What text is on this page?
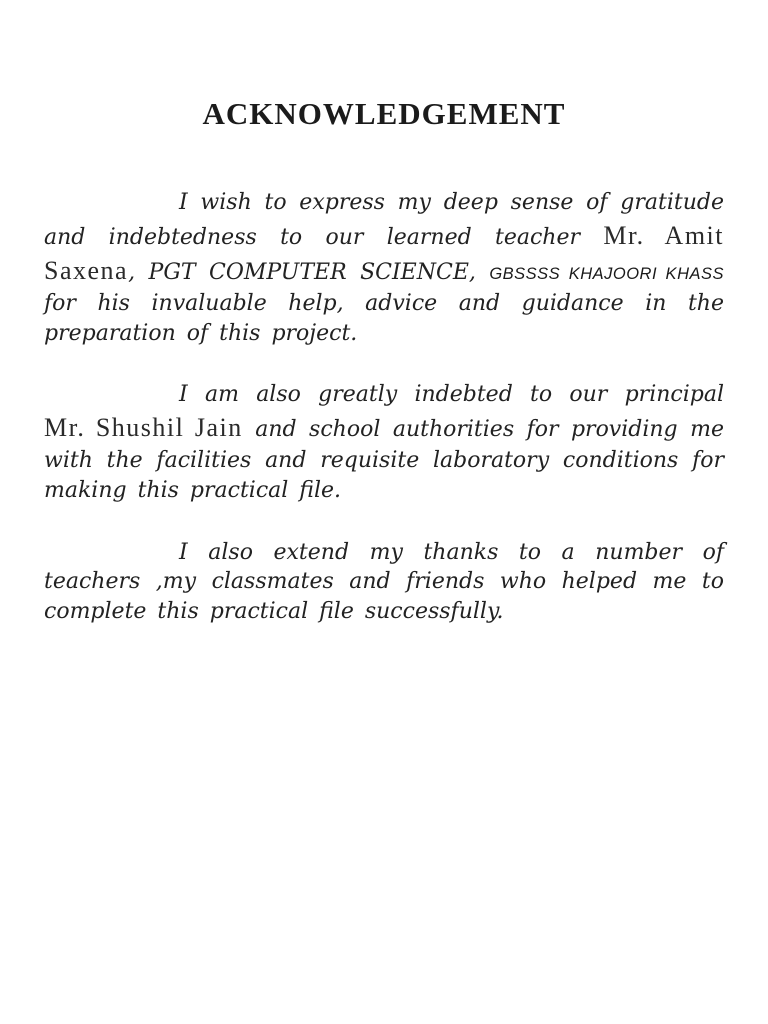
ACKNOWLEDGEMENT

I wish to express my deep sense of gratitude and indebtedness to our learned teacher Mr. Amit Saxena, PGT COMPUTER SCIENCE, GBSSSS KHAJOORI KHASS for his invaluable help, advice and guidance in the preparation of this project.

I am also greatly indebted to our principal Mr. Shushil Jain and school authorities for providing me with the facilities and requisite laboratory conditions for making this practical file.

I also extend my thanks to a number of teachers ,my classmates and friends who helped me to complete this practical file successfully.
